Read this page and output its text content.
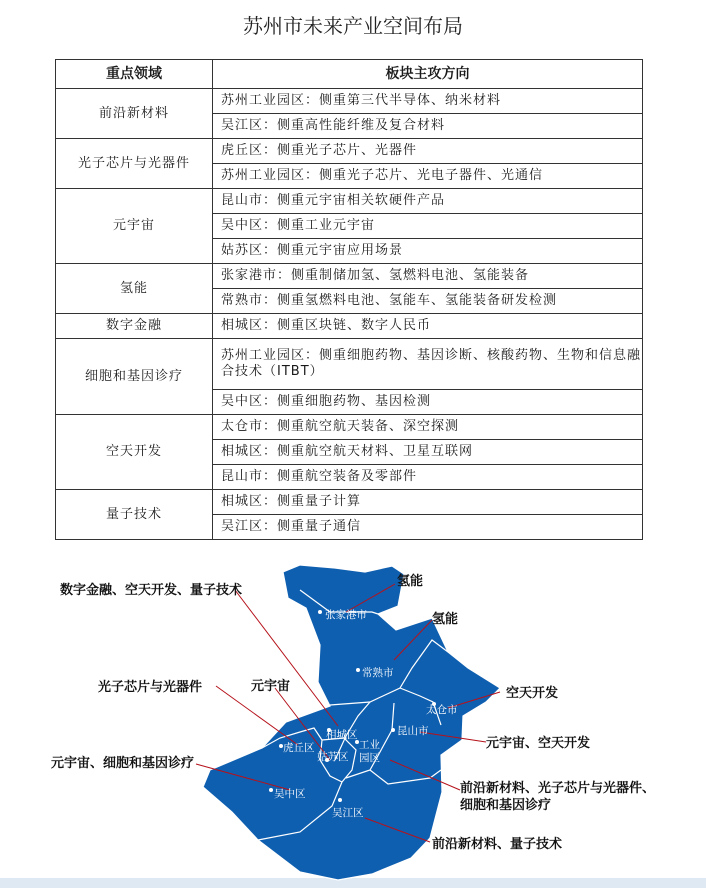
苏州市未来产业空间布局
重点领域	板块主攻方向
前沿新材料	苏州工业园区：侧重第三代半导体、纳米材料
	吴江区：侧重高性能纤维及复合材料
光子芯片与光器件	虎丘区：侧重光子芯片、光器件
	苏州工业园区：侧重光子芯片、光电子器件、光通信
元宇宙	昆山市：侧重元宇宙相关软硬件产品
	吴中区：侧重工业元宇宙
	姑苏区：侧重元宇宙应用场景
氢能	张家港市：侧重制储加氢、氢燃料电池、氢能装备
	常熟市：侧重氢燃料电池、氢能车、氢能装备研发检测
数字金融	相城区：侧重区块链、数字人民币
细胞和基因诊疗	苏州工业园区：侧重细胞药物、基因诊断、核酸药物、生物和信息融合技术（ITBT）
	吴中区：侧重细胞药物、基因检测
空天开发	太仓市：侧重航空航天装备、深空探测
	相城区：侧重航空航天材料、卫星互联网
	昆山市：侧重航空装备及零部件
量子技术	相城区：侧重量子计算
	吴江区：侧重量子通信
张家港市
常熟市
太仓市
昆山市
相城区
虎丘区	工业
园区
姑苏区
吴中区
吴江区
数字金融、空天开发、量子技术
氢能
氢能
光子芯片与光器件	元宇宙	空天开发
元宇宙、细胞和基因诊疗
元宇宙、空天开发
前沿新材料、光子芯片与光器件、
细胞和基因诊疗
前沿新材料、量子技术
